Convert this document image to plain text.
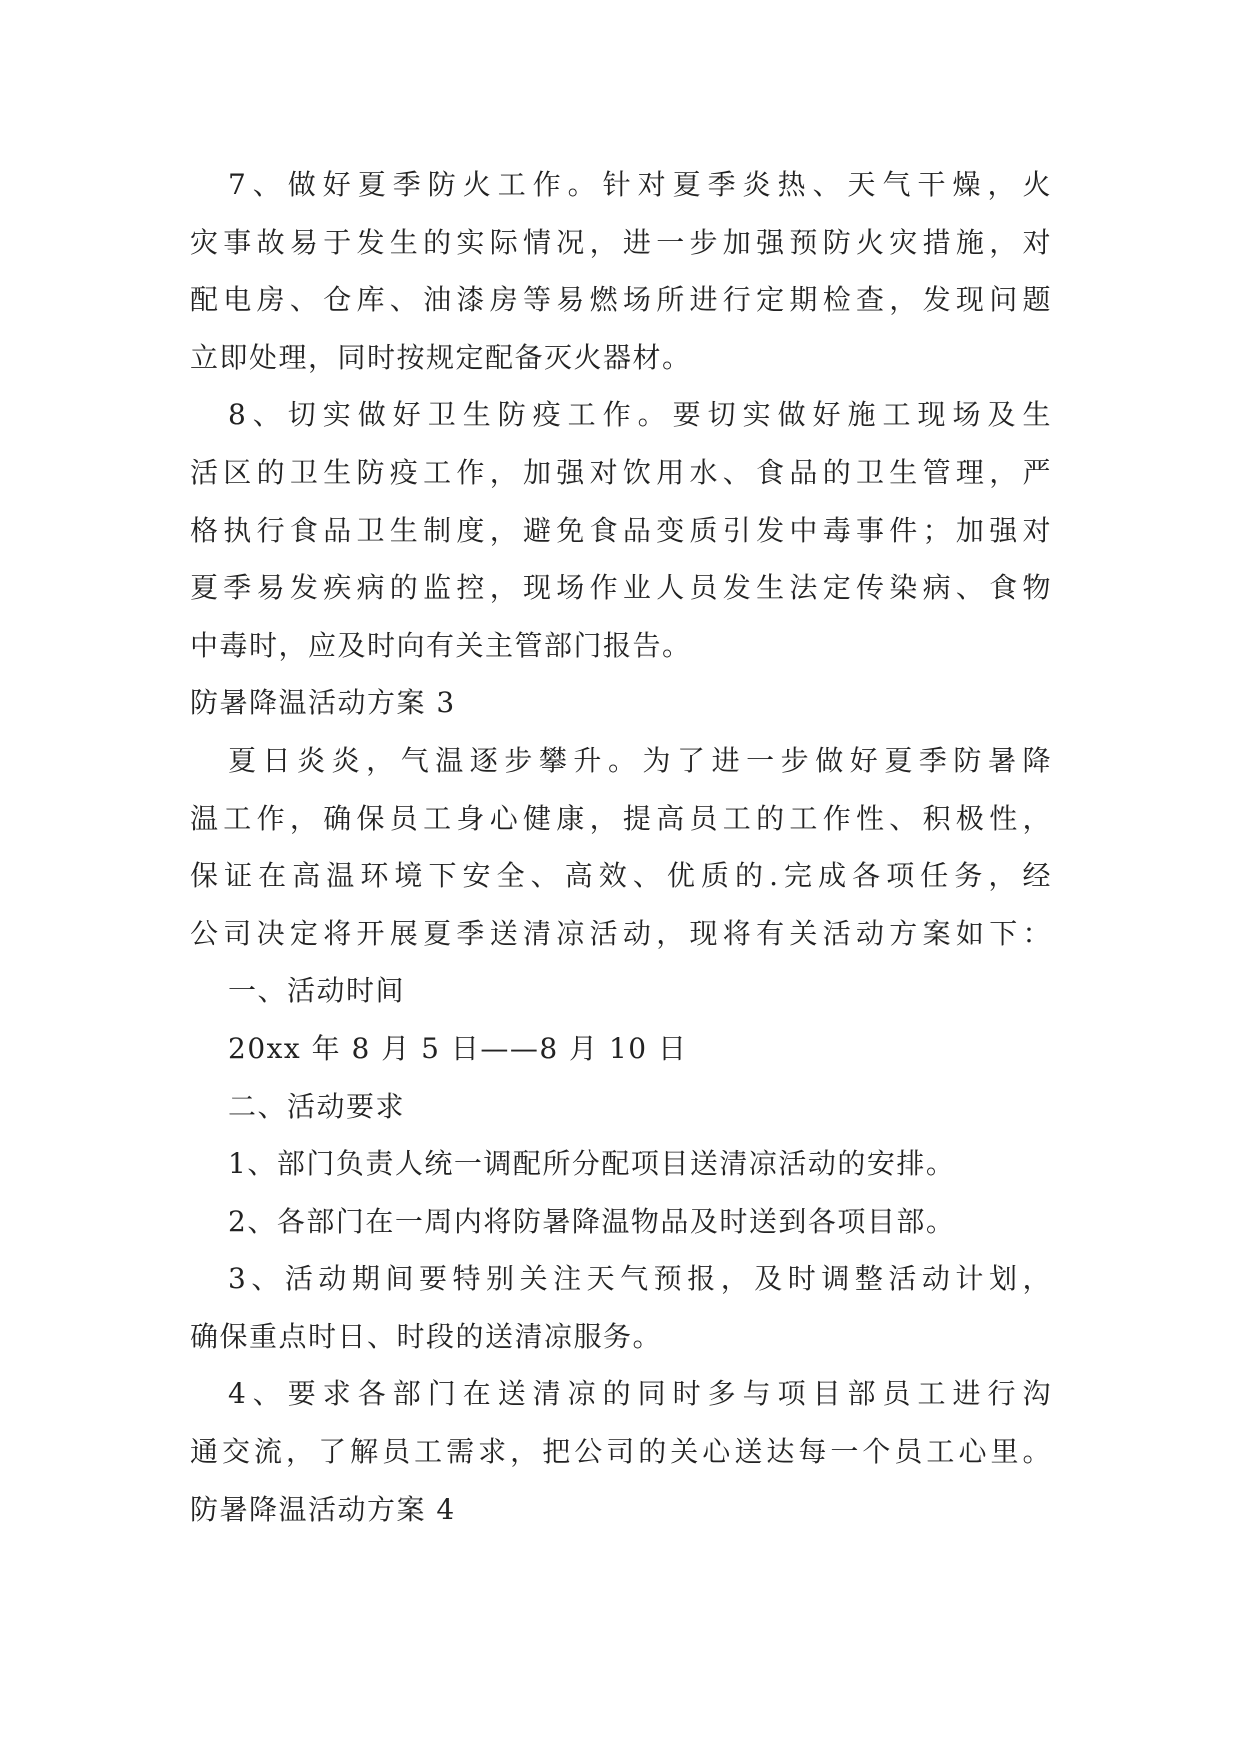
7、做好夏季防火工作。针对夏季炎热、天气干燥，火
灾事故易于发生的实际情况，进一步加强预防火灾措施，对
配电房、仓库、油漆房等易燃场所进行定期检查，发现问题
立即处理，同时按规定配备灭火器材。
8、切实做好卫生防疫工作。要切实做好施工现场及生
活区的卫生防疫工作，加强对饮用水、食品的卫生管理，严
格执行食品卫生制度，避免食品变质引发中毒事件；加强对
夏季易发疾病的监控，现场作业人员发生法定传染病、食物
中毒时，应及时向有关主管部门报告。
防暑降温活动方案 3
夏日炎炎，气温逐步攀升。为了进一步做好夏季防暑降
温工作，确保员工身心健康，提高员工的工作性、积极性，
保证在高温环境下安全、高效、优质的.完成各项任务，经
公司决定将开展夏季送清凉活动，现将有关活动方案如下：
一、活动时间
20xx 年 8 月 5 日——8 月 10 日
二、活动要求
1、部门负责人统一调配所分配项目送清凉活动的安排。
2、各部门在一周内将防暑降温物品及时送到各项目部。
3、活动期间要特别关注天气预报，及时调整活动计划，
确保重点时日、时段的送清凉服务。
4、要求各部门在送清凉的同时多与项目部员工进行沟
通交流，了解员工需求，把公司的关心送达每一个员工心里。
防暑降温活动方案 4
